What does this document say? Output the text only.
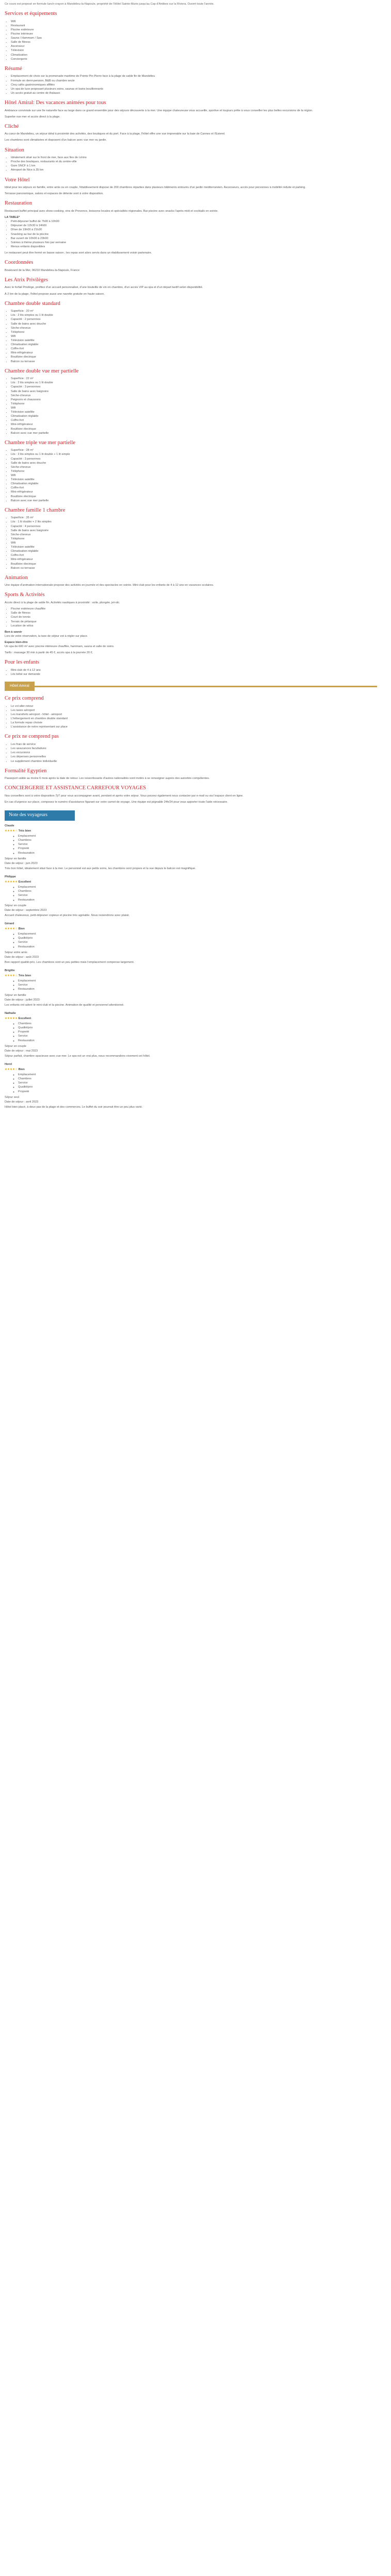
Ce cours est proposé en formule lunch-crayon à Mandelieu-la-Napoule, propriété de l'Hôtel Sainte-Marie jusqu'au Cap d'Antibes sur la Riviera. Ouvert toute l'année.

Services et équipements
• Wifi
• Restaurant
• Piscine extérieure
• Piscine intérieure
• Sauna / Hammam / Spa
• Salle de fitness
• Ascenseur
• Télévision
• Climatisation
• Conciergerie
Résumé
• Emplacement de choix sur la promenade maritime de Pointe Pin-Pierre face à la plage de sable fin de Mandelieu
• Formule en demi-pension, B&B ou chambre seule
• Cinq cafés gastronomiques affiliés
• Un spa de luxe proposant plusieurs soins, saunas et bains bouillonnants
• Un accès gratuit au centre de thalasso
Hôtel Amiral: Des vacances animées pour tous

Ambiance conviviale sur une île naturelle face au large dans ce grand ensemble pour des séjours découverte à la mer. Une équipe chaleureuse vous accueille, sportive et toujours prête à vous conseiller les plus belles excursions de la région.

Superbe vue mer et accès direct à la plage.

Cliché

Au cœur de Mandelieu, un séjour idéal à proximité des activités, des boutiques et du port. Face à la plage, l'hôtel offre une vue imprenable sur la baie de Cannes et l'Esterel.

Les chambres sont climatisées et disposent d'un balcon avec vue mer ou jardin.

Situation
• Idéalement situé sur le front de mer, face aux îles de Lérins
• Proche des boutiques, restaurants et du centre-ville
• Gare SNCF à 1 km
• Aéroport de Nice à 35 km
Votre Hôtel

Idéal pour les séjours en famille, entre amis ou en couple, l'établissement dispose de 200 chambres réparties dans plusieurs bâtiments entourés d'un jardin méditerranéen. Ascenseurs, accès pour personnes à mobilité réduite et parking.

Terrasse panoramique, salons et espaces de détente sont à votre disposition.

Restauration

Restaurant buffet principal avec show-cooking, vins de Provence, boissons locales et spécialités régionales. Bar piscine avec snacks l'après-midi et cocktails en soirée.

LA TABLE*
• Petit-déjeuner buffet de 7h00 à 10h00
• Déjeuner de 12h30 à 14h00
• Dîner de 19h00 à 21h30
• Snacking au bar de la piscine
• Bar ouvert de 10h00 à 23h00
• Soirées à thème plusieurs fois par semaine
• Menus enfants disponibles

Le restaurant peut être fermé en basse saison ; les repas sont alors servis dans un établissement voisin partenaire.

Coordonnées

Boulevard de la Mer, 06210 Mandelieu-la-Napoule, France

Les Atrix Privilèges

Avec le forfait Privilège, profitez d'un accueil personnalisé, d'une bouteille de vin en chambre, d'un accès VIP au spa et d'un départ tardif selon disponibilité.

À 2 km de la plage, l'hôtel propose aussi une navette gratuite en haute saison.

Chambre double standard
• Superficie : 20 m²
• Lits : 2 lits simples ou 1 lit double
• Capacité : 2 personnes
• Salle de bains avec douche
• Sèche-cheveux
• Téléphone
• Wifi
• Télévision satellite
• Climatisation réglable
• Coffre-fort
• Mini-réfrigérateur
• Bouilloire électrique
• Balcon ou terrasse
Chambre double vue mer partielle
• Superficie : 22 m²
• Lits : 2 lits simples ou 1 lit double
• Capacité : 3 personnes
• Salle de bains avec baignoire
• Sèche-cheveux
• Peignoirs et chaussons
• Téléphone
• Wifi
• Télévision satellite
• Climatisation réglable
• Coffre-fort
• Mini-réfrigérateur
• Bouilloire électrique
• Balcon avec vue mer partielle
Chambre triple vue mer partielle
• Superficie : 28 m²
• Lits : 3 lits simples ou 1 lit double + 1 lit simple
• Capacité : 3 personnes
• Salle de bains avec douche
• Sèche-cheveux
• Téléphone
• Wifi
• Télévision satellite
• Climatisation réglable
• Coffre-fort
• Mini-réfrigérateur
• Bouilloire électrique
• Balcon avec vue mer partielle
Chambre famille 1 chambre
• Superficie : 35 m²
• Lits : 1 lit double + 2 lits simples
• Capacité : 4 personnes
• Salle de bains avec baignoire
• Sèche-cheveux
• Téléphone
• Wifi
• Télévision satellite
• Climatisation réglable
• Coffre-fort
• Mini-réfrigérateur
• Bouilloire électrique
• Balcon ou terrasse
Animation

Une équipe d'animation internationale propose des activités en journée et des spectacles en soirée. Mini-club pour les enfants de 4 à 12 ans en vacances scolaires.

Sports & Activités

Accès direct à la plage de sable fin. Activités nautiques à proximité : voile, plongée, jet-ski.

• Piscine extérieure chauffée
• Salle de fitness
• Court de tennis
• Terrain de pétanque
• Location de vélos
Bon à savoir

Lors de votre réservation, la taxe de séjour est à régler sur place.

Espace bien-être

Un spa de 600 m² avec piscine intérieure chauffée, hammam, sauna et salle de soins.

Tarifs : massage 30 min à partir de 45 €, accès spa à la journée 20 €.

Pour les enfants
• Mini-club de 4 à 12 ans
• Lits bébé sur demande
Hôtel Amiral
Ce prix comprend
• Le vol aller-retour
• Les taxes aéroport
• Les transferts aéroport - hôtel - aéroport
• L'hébergement en chambre double standard
• La formule repas choisie
• L'assistance de notre représentant sur place
Ce prix ne comprend pas
• Les frais de service
• Les assurances facultatives
• Les excursions
• Les dépenses personnelles
• Le supplément chambre individuelle
Formalité Egyptien

Passeport valide au moins 6 mois après la date de retour. Les ressortissants d'autres nationalités sont invités à se renseigner auprès des autorités compétentes.

CONCIERGERIE ET ASSISTANCE CARREFOUR VOYAGES

Nos conseillers sont à votre disposition 7j/7 pour vous accompagner avant, pendant et après votre séjour. Vous pouvez également nous contacter par e-mail ou via l'espace client en ligne.

En cas d'urgence sur place, composez le numéro d'assistance figurant sur votre carnet de voyage. Une équipe est joignable 24h/24 pour vous apporter toute l'aide nécessaire.

Note des voyageurs
Claude
★★★★☆ Très bien
◦ Emplacement
◦ Chambres
◦ Service
◦ Propreté
◦ Restauration
Séjour en famille
Date de séjour : juin 2023

Très bon hôtel, idéalement situé face à la mer. Le personnel est aux petits soins, les chambres sont propres et la vue depuis le balcon est magnifique.

Philippe
★★★★★ Excellent
◦ Emplacement
◦ Chambres
◦ Service
◦ Restauration
Séjour en couple
Date de séjour : septembre 2023

Accueil chaleureux, petit-déjeuner copieux et piscine très agréable. Nous reviendrons avec plaisir.

Gérard
★★★★☆ Bien
◦ Emplacement
◦ Qualité/prix
◦ Service
◦ Restauration
Séjour entre amis
Date de séjour : août 2023

Bon rapport qualité-prix. Les chambres sont un peu petites mais l'emplacement compense largement.

Brigitte
★★★★☆ Très bien
◦ Emplacement
◦ Service
◦ Restauration
Séjour en famille
Date de séjour : juillet 2023

Les enfants ont adoré le mini-club et la piscine. Animation de qualité et personnel attentionné.

Nathalie
★★★★★ Excellent
◦ Chambres
◦ Qualité/prix
◦ Propreté
◦ Service
◦ Restauration
Séjour en couple
Date de séjour : mai 2023

Séjour parfait, chambre spacieuse avec vue mer. Le spa est un vrai plus, nous recommandons vivement cet hôtel.

Henri
★★★★☆ Bien
◦ Emplacement
◦ Chambres
◦ Service
◦ Qualité/prix
◦ Propreté
Séjour seul
Date de séjour : avril 2023

Hôtel bien placé, à deux pas de la plage et des commerces. Le buffet du soir pourrait être un peu plus varié.
